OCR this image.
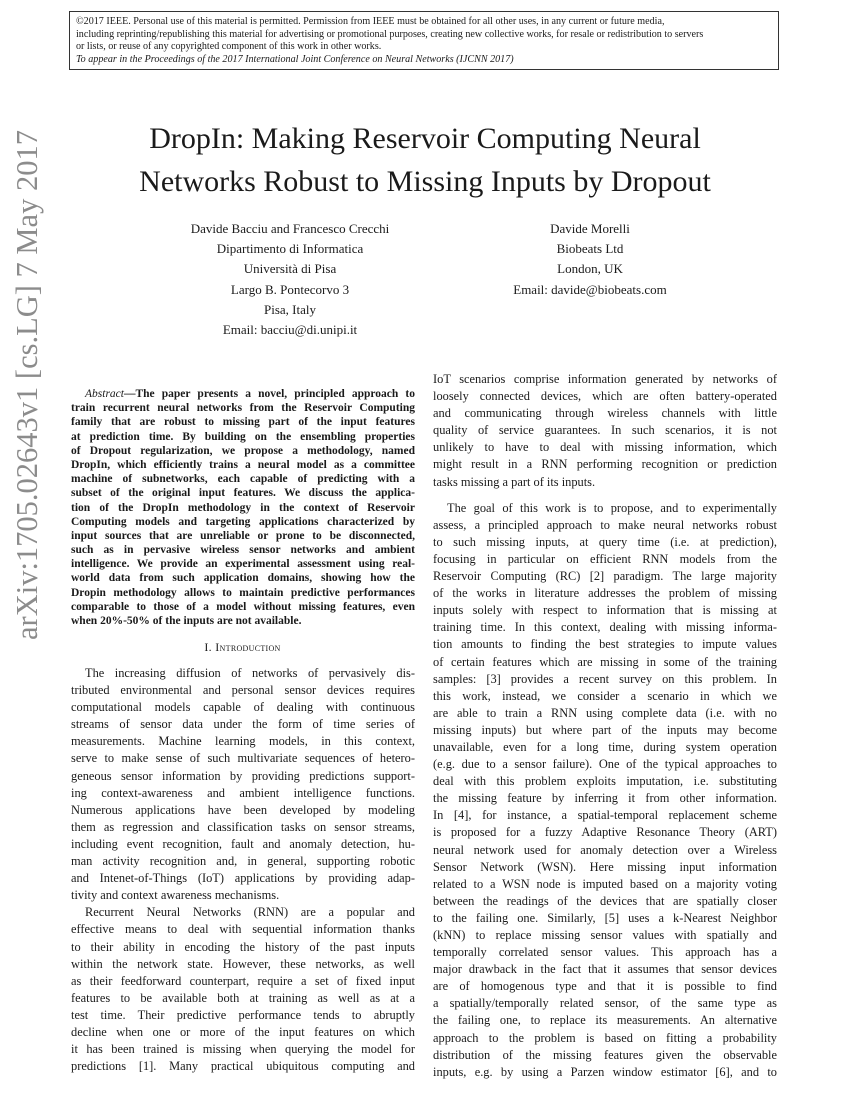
©2017 IEEE. Personal use of this material is permitted. Permission from IEEE must be obtained for all other uses, in any current or future media,
including reprinting/republishing this material for advertising or promotional purposes, creating new collective works, for resale or redistribution to servers
or lists, or reuse of any copyrighted component of this work in other works.
To appear in the Proceedings of the 2017 International Joint Conference on Neural Networks (IJCNN 2017)
DropIn: Making Reservoir Computing Neural
Networks Robust to Missing Inputs by Dropout
Davide Bacciu and Francesco Crecchi
Dipartimento di Informatica
Università di Pisa
Largo B. Pontecorvo 3
Pisa, Italy
Email: bacciu@di.unipi.it
Davide Morelli
Biobeats Ltd
London, UK
Email: davide@biobeats.com
arXiv:1705.02643v1 [cs.LG] 7 May 2017	Abstract—The paper presents a novel, principled approach to
train recurrent neural networks from the Reservoir Computing
family that are robust to missing part of the input features
at prediction time. By building on the ensembling properties
of Dropout regularization, we propose a methodology, named
DropIn, which efficiently trains a neural model as a committee
machine of subnetworks, each capable of predicting with a
subset of the original input features. We discuss the applica-
tion of the DropIn methodology in the context of Reservoir
Computing models and targeting applications characterized by
input sources that are unreliable or prone to be disconnected,
such as in pervasive wireless sensor networks and ambient
intelligence. We provide an experimental assessment using real-
world data from such application domains, showing how the
Dropin methodology allows to maintain predictive performances
comparable to those of a model without missing features, even
when 20%-50% of the inputs are not available.
I. Introduction
The increasing diffusion of networks of pervasively dis-
tributed environmental and personal sensor devices requires
computational models capable of dealing with continuous
streams of sensor data under the form of time series of
measurements. Machine learning models, in this context,
serve to make sense of such multivariate sequences of hetero-
geneous sensor information by providing predictions support-
ing context-awareness and ambient intelligence functions.
Numerous applications have been developed by modeling
them as regression and classification tasks on sensor streams,
including event recognition, fault and anomaly detection, hu-
man activity recognition and, in general, supporting robotic
and Intenet-of-Things (IoT) applications by providing adap-
tivity and context awareness mechanisms.
Recurrent Neural Networks (RNN) are a popular and
effective means to deal with sequential information thanks
to their ability in encoding the history of the past inputs
within the network state. However, these networks, as well
as their feedforward counterpart, require a set of fixed input
features to be available both at training as well as at a
test time. Their predictive performance tends to abruptly
decline when one or more of the input features on which
it has been trained is missing when querying the model for
predictions [1]. Many practical ubiquitous computing and
IoT scenarios comprise information generated by networks of
loosely connected devices, which are often battery-operated
and communicating through wireless channels with little
quality of service guarantees. In such scenarios, it is not
unlikely to have to deal with missing information, which
might result in a RNN performing recognition or prediction
tasks missing a part of its inputs.
The goal of this work is to propose, and to experimentally
assess, a principled approach to make neural networks robust
to such missing inputs, at query time (i.e. at prediction),
focusing in particular on efficient RNN models from the
Reservoir Computing (RC) [2] paradigm. The large majority
of the works in literature addresses the problem of missing
inputs solely with respect to information that is missing at
training time. In this context, dealing with missing informa-
tion amounts to finding the best strategies to impute values
of certain features which are missing in some of the training
samples: [3] provides a recent survey on this problem. In
this work, instead, we consider a scenario in which we
are able to train a RNN using complete data (i.e. with no
missing inputs) but where part of the inputs may become
unavailable, even for a long time, during system operation
(e.g. due to a sensor failure). One of the typical approaches to
deal with this problem exploits imputation, i.e. substituting
the missing feature by inferring it from other information.
In [4], for instance, a spatial-temporal replacement scheme
is proposed for a fuzzy Adaptive Resonance Theory (ART)
neural network used for anomaly detection over a Wireless
Sensor Network (WSN). Here missing input information
related to a WSN node is imputed based on a majority voting
between the readings of the devices that are spatially closer
to the failing one. Similarly, [5] uses a k-Nearest Neighbor
(kNN) to replace missing sensor values with spatially and
temporally correlated sensor values. This approach has a
major drawback in the fact that it assumes that sensor devices
are of homogenous type and that it is possible to find
a spatially/temporally related sensor, of the same type as
the failing one, to replace its measurements. An alternative
approach to the problem is based on fitting a probability
distribution of the missing features given the observable
inputs, e.g. by using a Parzen window estimator [6], and to
